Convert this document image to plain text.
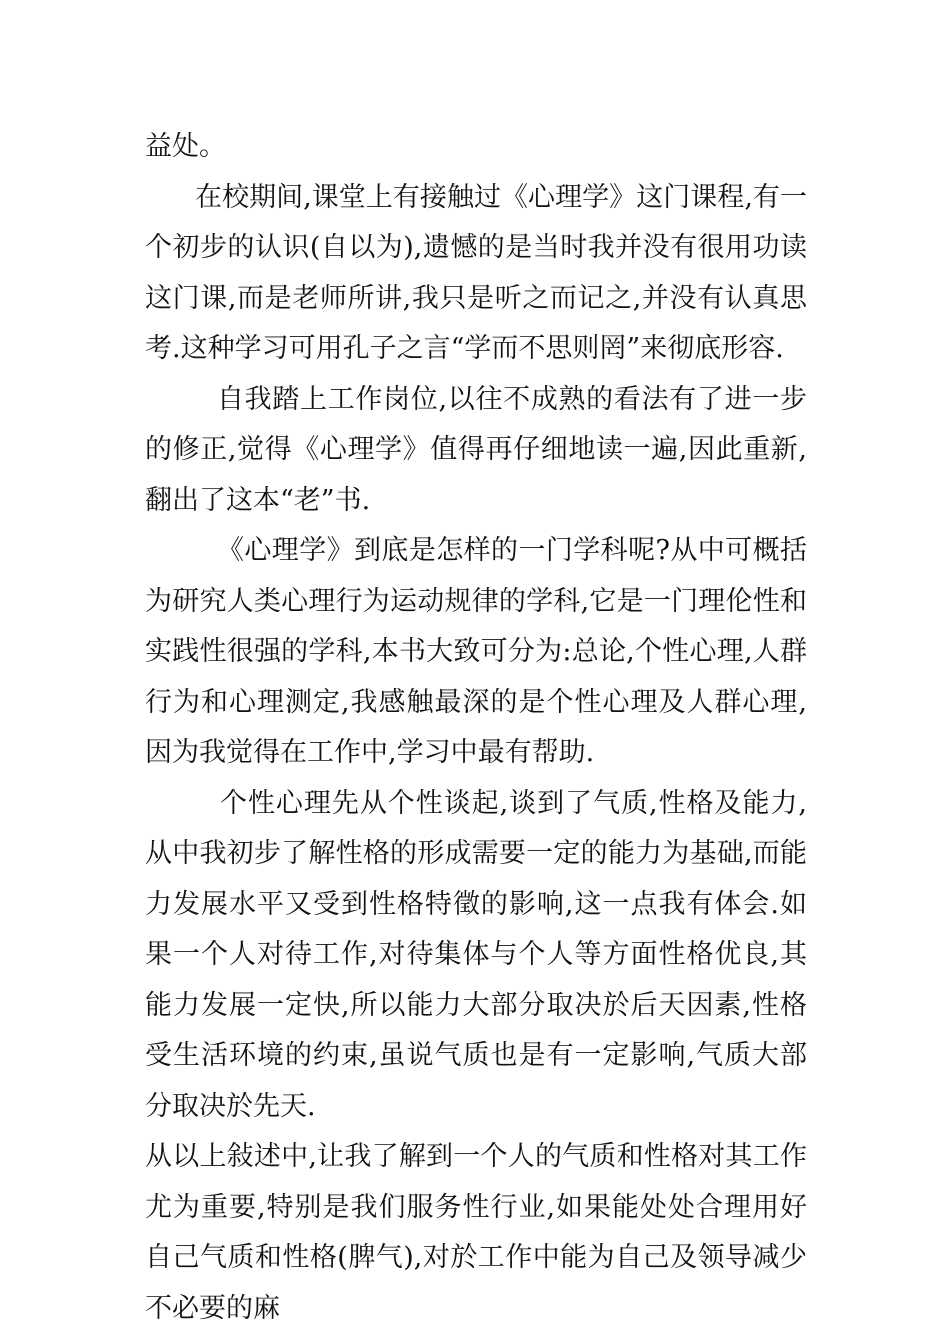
益处。

在校期间,课堂上有接触过《心理学》这门课程,有一个初步的认识(自以为),遗憾的是当时我并没有很用功读这门课,而是老师所讲,我只是听之而记之,并没有认真思考.这种学习可用孔子之言“学而不思则罔”来彻底形容.

自我踏上工作岗位,以往不成熟的看法有了进一步的修正,觉得《心理学》值得再仔细地读一遍,因此重新,翻出了这本“老”书.

《心理学》到底是怎样的一门学科呢?从中可概括为研究人类心理行为运动规律的学科,它是一门理伦性和实践性很强的学科,本书大致可分为:总论,个性心理,人群行为和心理测定,我感触最深的是个性心理及人群心理,因为我觉得在工作中,学习中最有帮助.

个性心理先从个性谈起,谈到了气质,性格及能力,从中我初步了解性格的形成需要一定的能力为基础,而能力发展水平又受到性格特徵的影响,这一点我有体会.如果一个人对待工作,对待集体与个人等方面性格优良,其能力发展一定快,所以能力大部分取决於后天因素,性格受生活环境的约束,虽说气质也是有一定影响,气质大部分取决於先天.

从以上敍述中,让我了解到一个人的气质和性格对其工作尤为重要,特别是我们服务性行业,如果能处处合理用好自己气质和性格(脾气),对於工作中能为自己及领导减少不必要的麻
